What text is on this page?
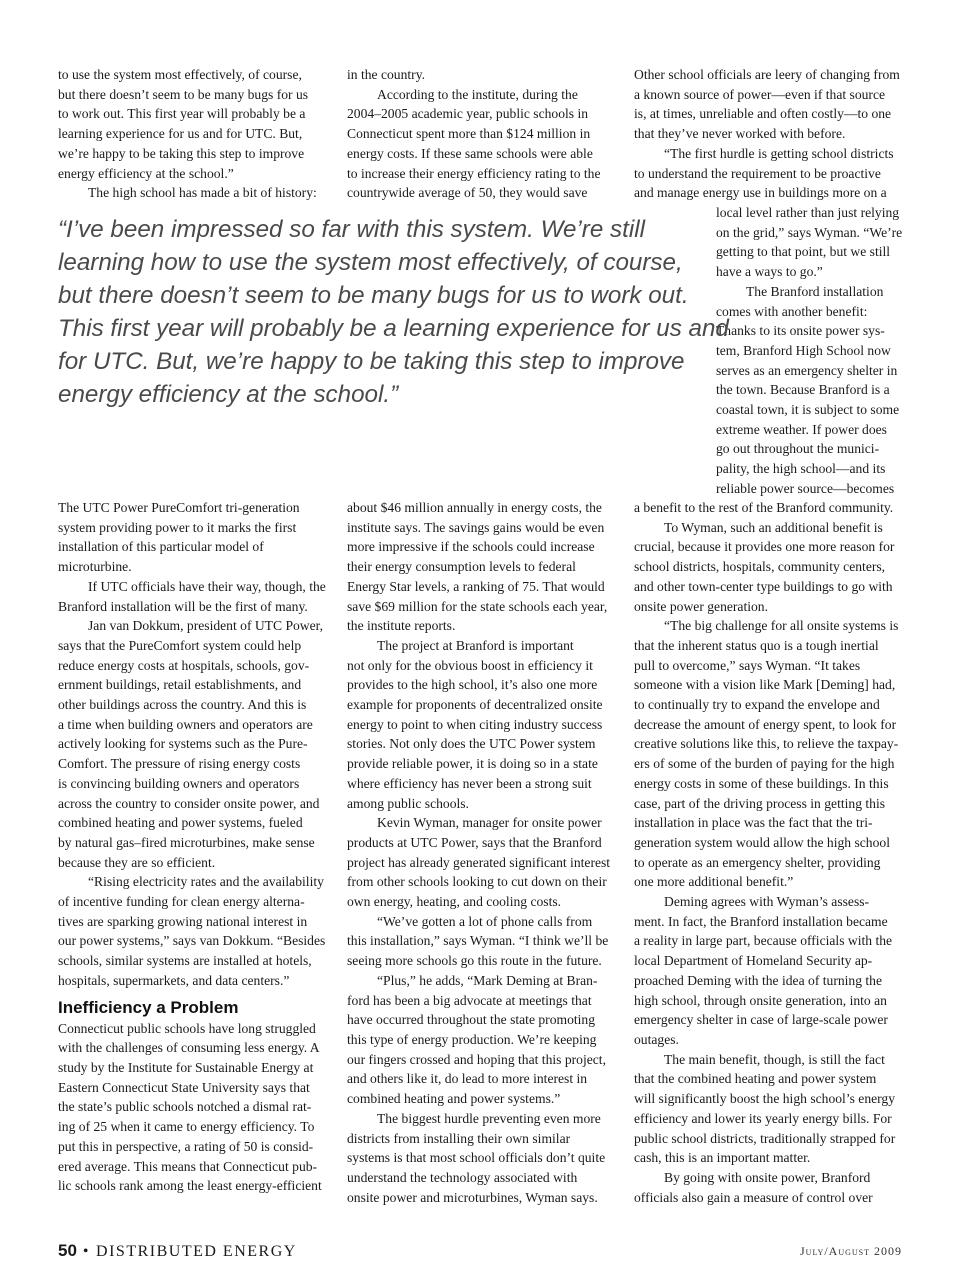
to use the system most effectively, of course,
but there doesn’t seem to be many bugs for us
to work out. This first year will probably be a
learning experience for us and for UTC. But,
we’re happy to be taking this step to improve
energy efficiency at the school.”
The high school has made a bit of history:
in the country.
According to the institute, during the
2004–2005 academic year, public schools in
Connecticut spent more than $124 million in
energy costs. If these same schools were able
to increase their energy efficiency rating to the
countrywide average of 50, they would save
Other school officials are leery of changing from
a known source of power—even if that source
is, at times, unreliable and often costly—to one
that they’ve never worked with before.
“The first hurdle is getting school districts
to understand the requirement to be proactive
and manage energy use in buildings more on a
local level rather than just relying
on the grid,” says Wyman. “We’re
getting to that point, but we still
have a ways to go.”
The Branford installation
comes with another benefit:
Thanks to its onsite power sys-
tem, Branford High School now
serves as an emergency shelter in
the town. Because Branford is a
coastal town, it is subject to some
extreme weather. If power does
go out throughout the munici-
pality, the high school—and its
reliable power source—becomes
“I’ve been impressed so far with this system. We’re still
learning how to use the system most effectively, of course,
but there doesn’t seem to be many bugs for us to work out.
This first year will probably be a learning experience for us and
for UTC. But, we’re happy to be taking this step to improve
energy efficiency at the school.”
The UTC Power PureComfort tri-generation
system providing power to it marks the first
installation of this particular model of
microturbine.
If UTC officials have their way, though, the
Branford installation will be the first of many.
Jan van Dokkum, president of UTC Power,
says that the PureComfort system could help
reduce energy costs at hospitals, schools, gov-
ernment buildings, retail establishments, and
other buildings across the country. And this is
a time when building owners and operators are
actively looking for systems such as the Pure-
Comfort. The pressure of rising energy costs
is convincing building owners and operators
across the country to consider onsite power, and
combined heating and power systems, fueled
by natural gas–fired microturbines, make sense
because they are so efficient.
“Rising electricity rates and the availability
of incentive funding for clean energy alterna-
tives are sparking growing national interest in
our power systems,” says van Dokkum. “Besides
schools, similar systems are installed at hotels,
hospitals, supermarkets, and data centers.”
Inefficiency a Problem
Connecticut public schools have long struggled
with the challenges of consuming less energy. A
study by the Institute for Sustainable Energy at
Eastern Connecticut State University says that
the state’s public schools notched a dismal rat-
ing of 25 when it came to energy efficiency. To
put this in perspective, a rating of 50 is consid-
ered average. This means that Connecticut pub-
lic schools rank among the least energy-efficient
about $46 million annually in energy costs, the
institute says. The savings gains would be even
more impressive if the schools could increase
their energy consumption levels to federal
Energy Star levels, a ranking of 75. That would
save $69 million for the state schools each year,
the institute reports.
The project at Branford is important
not only for the obvious boost in efficiency it
provides to the high school, it’s also one more
example for proponents of decentralized onsite
energy to point to when citing industry success
stories. Not only does the UTC Power system
provide reliable power, it is doing so in a state
where efficiency has never been a strong suit
among public schools.
Kevin Wyman, manager for onsite power
products at UTC Power, says that the Branford
project has already generated significant interest
from other schools looking to cut down on their
own energy, heating, and cooling costs.
“We’ve gotten a lot of phone calls from
this installation,” says Wyman. “I think we’ll be
seeing more schools go this route in the future.
“Plus,” he adds, “Mark Deming at Bran-
ford has been a big advocate at meetings that
have occurred throughout the state promoting
this type of energy production. We’re keeping
our fingers crossed and hoping that this project,
and others like it, do lead to more interest in
combined heating and power systems.”
The biggest hurdle preventing even more
districts from installing their own similar
systems is that most school officials don’t quite
understand the technology associated with
onsite power and microturbines, Wyman says.
a benefit to the rest of the Branford community.
To Wyman, such an additional benefit is
crucial, because it provides one more reason for
school districts, hospitals, community centers,
and other town-center type buildings to go with
onsite power generation.
“The big challenge for all onsite systems is
that the inherent status quo is a tough inertial
pull to overcome,” says Wyman. “It takes
someone with a vision like Mark [Deming] had,
to continually try to expand the envelope and
decrease the amount of energy spent, to look for
creative solutions like this, to relieve the taxpay-
ers of some of the burden of paying for the high
energy costs in some of these buildings. In this
case, part of the driving process in getting this
installation in place was the fact that the tri-
generation system would allow the high school
to operate as an emergency shelter, providing
one more additional benefit.”
Deming agrees with Wyman’s assess-
ment. In fact, the Branford installation became
a reality in large part, because officials with the
local Department of Homeland Security ap-
proached Deming with the idea of turning the
high school, through onsite generation, into an
emergency shelter in case of large-scale power
outages.
The main benefit, though, is still the fact
that the combined heating and power system
will significantly boost the high school’s energy
efficiency and lower its yearly energy bills. For
public school districts, traditionally strapped for
cash, this is an important matter.
By going with onsite power, Branford
officials also gain a measure of control over
50 • DISTRIBUTED ENERGY	July/August 2009
